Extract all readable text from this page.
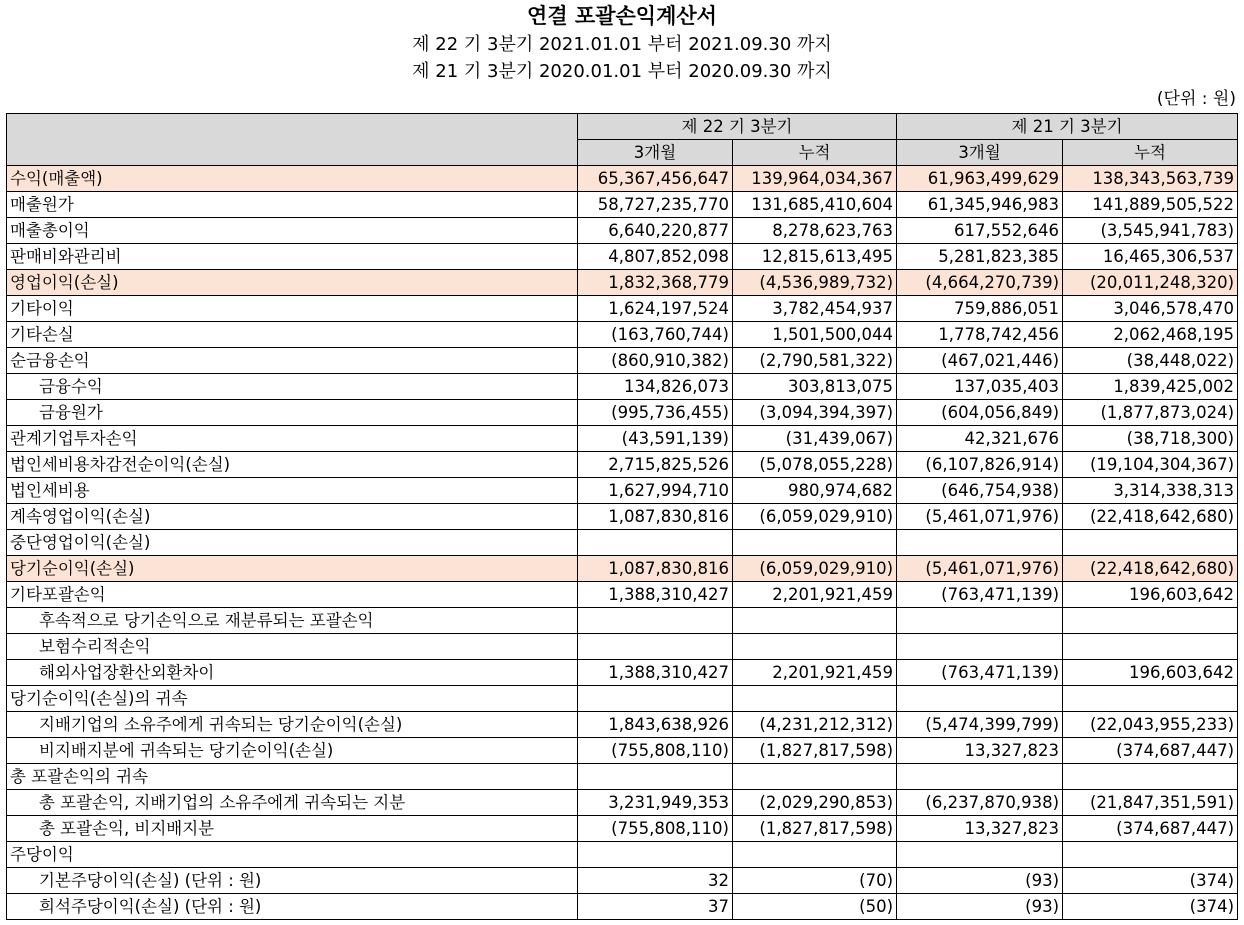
연결 포괄손익계산서
제 22 기 3분기 2021.01.01 부터 2021.09.30 까지
제 21 기 3분기 2020.01.01 부터 2020.09.30 까지
(단위 : 원)
	제 22 기 3분기		제 21 기 3분기	
	3개월	누적	3개월	누적
수익(매출액)	65,367,456,647	139,964,034,367	61,963,499,629	138,343,563,739
매출원가	58,727,235,770	131,685,410,604	61,345,946,983	141,889,505,522
매출총이익	6,640,220,877	8,278,623,763	617,552,646	(3,545,941,783)
판매비와관리비	4,807,852,098	12,815,613,495	5,281,823,385	16,465,306,537
영업이익(손실)	1,832,368,779	(4,536,989,732)	(4,664,270,739)	(20,011,248,320)
기타이익	1,624,197,524	3,782,454,937	759,886,051	3,046,578,470
기타손실	(163,760,744)	1,501,500,044	1,778,742,456	2,062,468,195
순금융손익	(860,910,382)	(2,790,581,322)	(467,021,446)	(38,448,022)
금융수익	134,826,073	303,813,075	137,035,403	1,839,425,002
금융원가	(995,736,455)	(3,094,394,397)	(604,056,849)	(1,877,873,024)
관계기업투자손익	(43,591,139)	(31,439,067)	42,321,676	(38,718,300)
법인세비용차감전순이익(손실)	2,715,825,526	(5,078,055,228)	(6,107,826,914)	(19,104,304,367)
법인세비용	1,627,994,710	980,974,682	(646,754,938)	3,314,338,313
계속영업이익(손실)	1,087,830,816	(6,059,029,910)	(5,461,071,976)	(22,418,642,680)
중단영업이익(손실)				
당기순이익(손실)	1,087,830,816	(6,059,029,910)	(5,461,071,976)	(22,418,642,680)
기타포괄손익	1,388,310,427	2,201,921,459	(763,471,139)	196,603,642
후속적으로 당기손익으로 재분류되는 포괄손익				
보험수리적손익				
해외사업장환산외환차이	1,388,310,427	2,201,921,459	(763,471,139)	196,603,642
당기순이익(손실)의 귀속				
지배기업의 소유주에게 귀속되는 당기순이익(손실)	1,843,638,926	(4,231,212,312)	(5,474,399,799)	(22,043,955,233)
비지배지분에 귀속되는 당기순이익(손실)	(755,808,110)	(1,827,817,598)	13,327,823	(374,687,447)
총 포괄손익의 귀속				
총 포괄손익, 지배기업의 소유주에게 귀속되는 지분	3,231,949,353	(2,029,290,853)	(6,237,870,938)	(21,847,351,591)
총 포괄손익, 비지배지분	(755,808,110)	(1,827,817,598)	13,327,823	(374,687,447)
주당이익				
기본주당이익(손실) (단위 : 원)	32	(70)	(93)	(374)
희석주당이익(손실) (단위 : 원)	37	(50)	(93)	(374)
